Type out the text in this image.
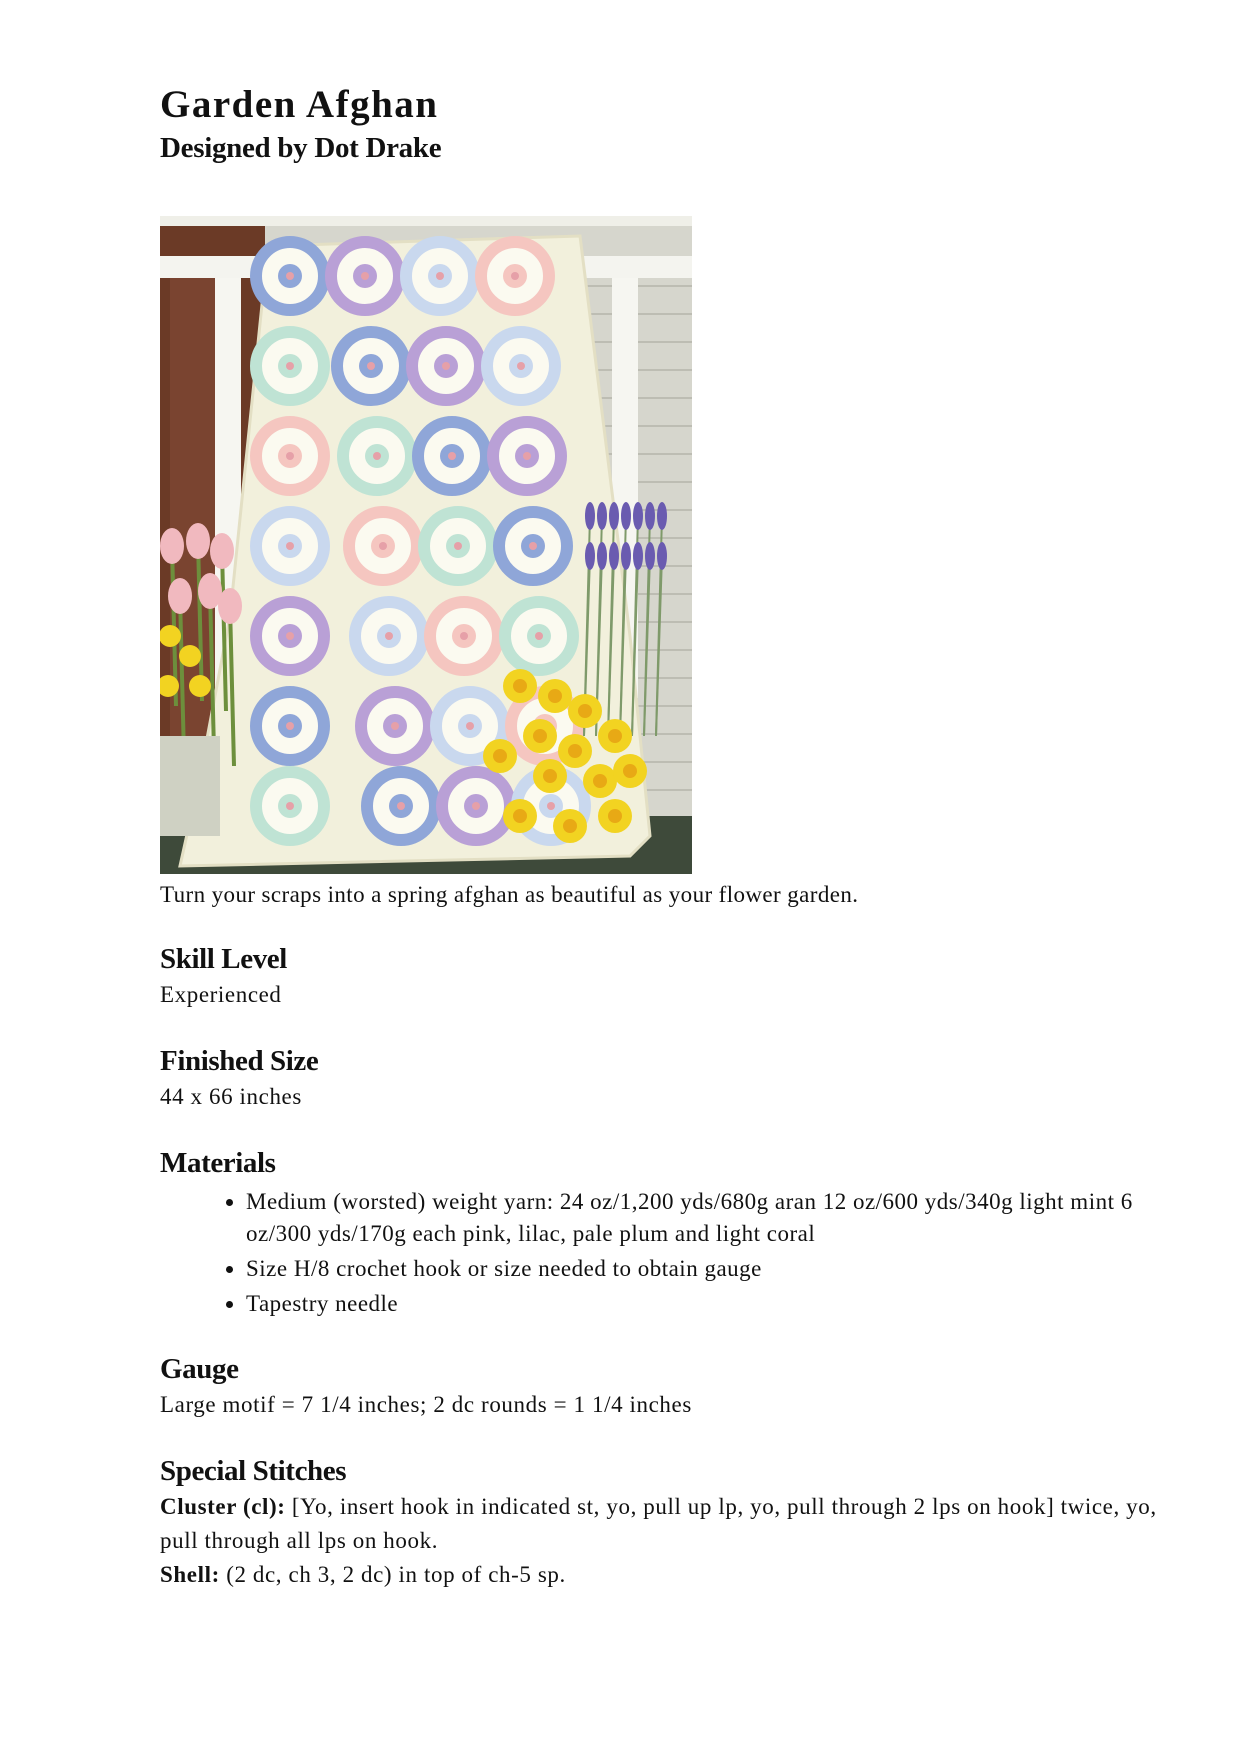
Garden Afghan
Designed by Dot Drake
Turn your scraps into a spring afghan as beautiful as your flower garden.
Skill Level

Experienced

Finished Size

44 x 66 inches

Materials
• Medium (worsted) weight yarn: 24 oz/1,200 yds/680g aran 12 oz/600 yds/340g light mint 6 oz/300 yds/170g each pink, lilac, pale plum and light coral
• Size H/8 crochet hook or size needed to obtain gauge
• Tapestry needle
Gauge

Large motif = 7 1/4 inches; 2 dc rounds = 1 1/4 inches

Special Stitches

Cluster (cl): [Yo, insert hook in indicated st, yo, pull up lp, yo, pull through 2 lps on hook] twice, yo, pull through all lps on hook.

Shell: (2 dc, ch 3, 2 dc) in top of ch-5 sp.
